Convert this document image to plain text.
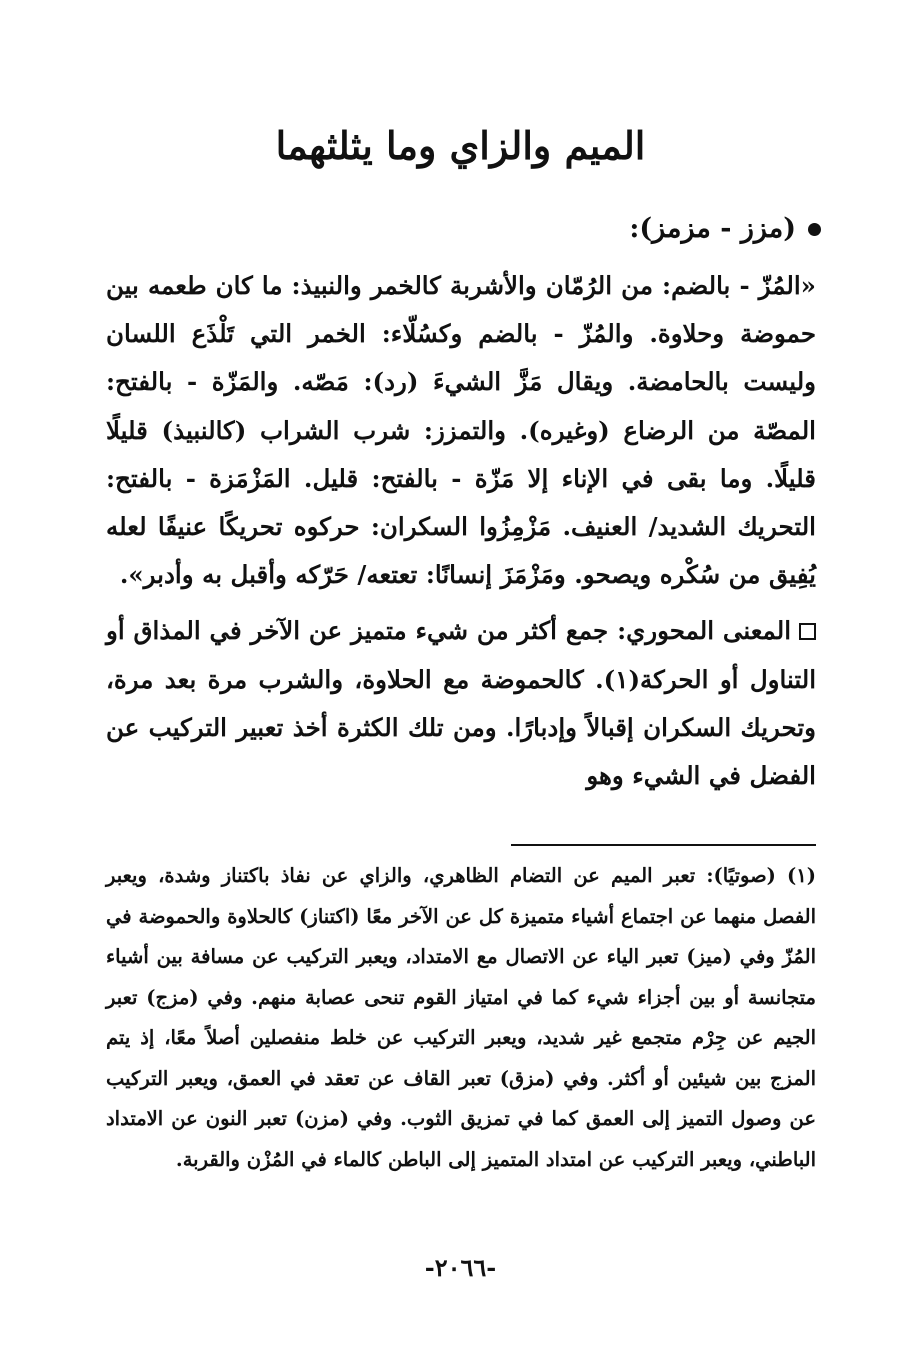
الميم والزاي وما يثلثهما
(مزز - مزمز):

«المُزّ - بالضم: من الرُمّان والأشربة كالخمر والنبيذ: ما كان طعمه بين حموضة وحلاوة. والمُزّ - بالضم وكسُلّاء: الخمر التي تَلْذَع اللسان وليست بالحامضة. ويقال مَزَّ الشيءَ (رد): مَصّه. والمَزّة - بالفتح: المصّة من الرضاع (وغيره). والتمزز: شرب الشراب (كالنبيذ) قليلًا قليلًا. وما بقى في الإناء إلا مَزّة - بالفتح: قليل. المَزْمَزة - بالفتح: التحريك الشديد/ العنيف. مَزْمِزُوا السكران: حركوه تحريكًا عنيفًا لعله يُفِيق من سُكْره ويصحو. ومَزْمَزَ إنسانًا: تعتعه/ حَرّكه وأقبل به وأدبر».

المعنى المحوري: جمع أكثر من شيء متميز عن الآخر في المذاق أو التناول أو الحركة(١). كالحموضة مع الحلاوة، والشرب مرة بعد مرة، وتحريك السكران إقبالاً وإدبارًا. ومن تلك الكثرة أخذ تعبير التركيب عن الفضل في الشيء وهو

(١) (صوتيًا): تعبر الميم عن التضام الظاهري، والزاي عن نفاذ باكتناز وشدة، ويعبر الفصل منهما عن اجتماع أشياء متميزة كل عن الآخر معًا (اكتناز) كالحلاوة والحموضة في المُزّ وفي (ميز) تعبر الياء عن الاتصال مع الامتداد، ويعبر التركيب عن مسافة بين أشياء متجانسة أو بين أجزاء شيء كما في امتياز القوم تنحى عصابة منهم. وفي (مزج) تعبر الجيم عن جِرْم متجمع غير شديد، ويعبر التركيب عن خلط منفصلين أصلاً معًا، إذ يتم المزج بين شيئين أو أكثر. وفي (مزق) تعبر القاف عن تعقد في العمق، ويعبر التركيب عن وصول التميز إلى العمق كما في تمزيق الثوب. وفي (مزن) تعبر النون عن الامتداد الباطني، ويعبر التركيب عن امتداد المتميز إلى الباطن كالماء في المُزْن والقربة.

-٢٠٦٦-
